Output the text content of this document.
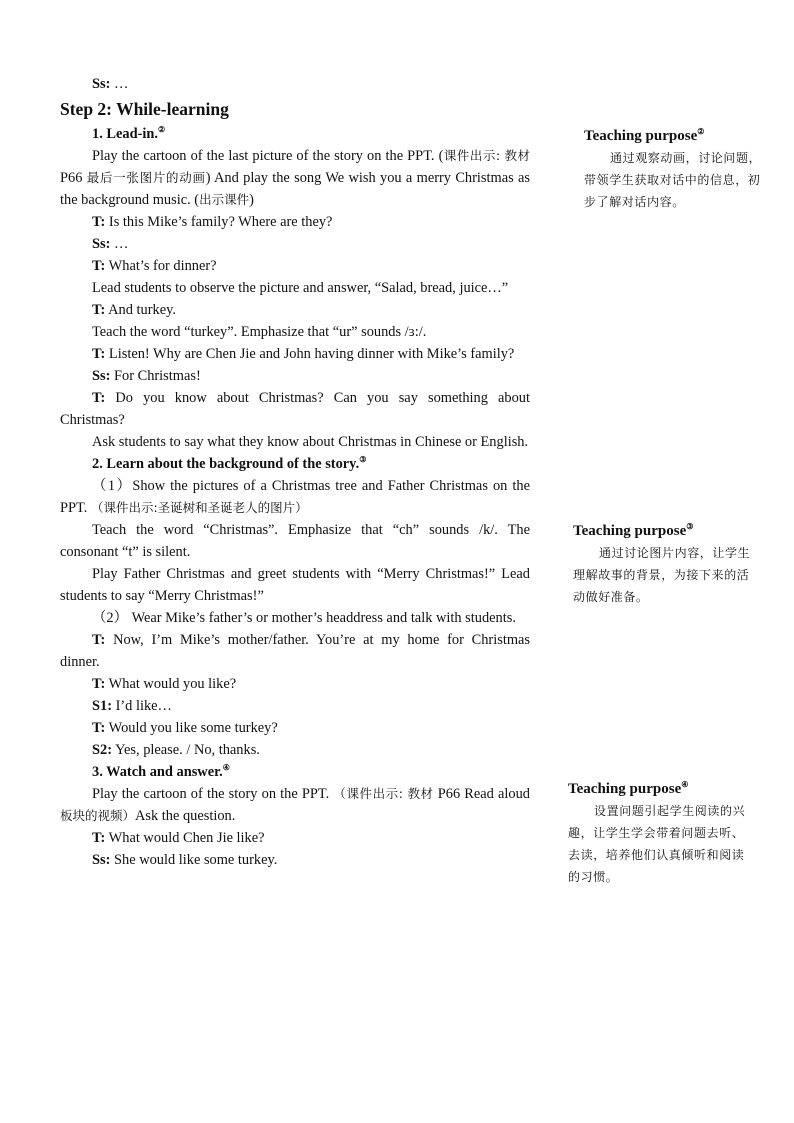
Ss: …

Step 2: While-learning

1. Lead-in.②

Play the cartoon of the last picture of the story on the PPT. (课件出示: 教材 P66 最后一张图片的动画) And play the song We wish you a merry Christmas as the background music. (出示课件)

T: Is this Mike’s family? Where are they?

Ss: …

T: What’s for dinner?

Lead students to observe the picture and answer, “Salad, bread, juice…”

T: And turkey.

Teach the word “turkey”. Emphasize that “ur” sounds /ɜ:/.

T: Listen! Why are Chen Jie and John having dinner with Mike’s family?

Ss: For Christmas!

T: Do you know about Christmas? Can you say something about Christmas?

Ask students to say what they know about Christmas in Chinese or English.

2. Learn about the background of the story.③

（1）Show the pictures of a Christmas tree and Father Christmas on the PPT. （课件出示:圣诞树和圣诞老人的图片）

Teach the word “Christmas”. Emphasize that “ch” sounds /k/. The consonant “t” is silent.

Play Father Christmas and greet students with “Merry Christmas!” Lead students to say “Merry Christmas!”

（2） Wear Mike’s father’s or mother’s headdress and talk with students.

T: Now, I’m Mike’s mother/father. You’re at my home for Christmas dinner.

T: What would you like?

S1: I’d like…

T: Would you like some turkey?

S2: Yes, please. / No, thanks.

3. Watch and answer.④

Play the cartoon of the story on the PPT. （课件出示: 教材 P66 Read aloud 板块的视频）Ask the question.

T: What would Chen Jie like?

Ss: She would like some turkey.

Teaching purpose②

通过观察动画，讨论问题，带领学生获取对话中的信息，初步了解对话内容。

Teaching purpose③

通过讨论图片内容，让学生理解故事的背景，为接下来的活动做好准备。

Teaching purpose④

设置问题引起学生阅读的兴趣，让学生学会带着问题去听、去读，培养他们认真倾听和阅读的习惯。
